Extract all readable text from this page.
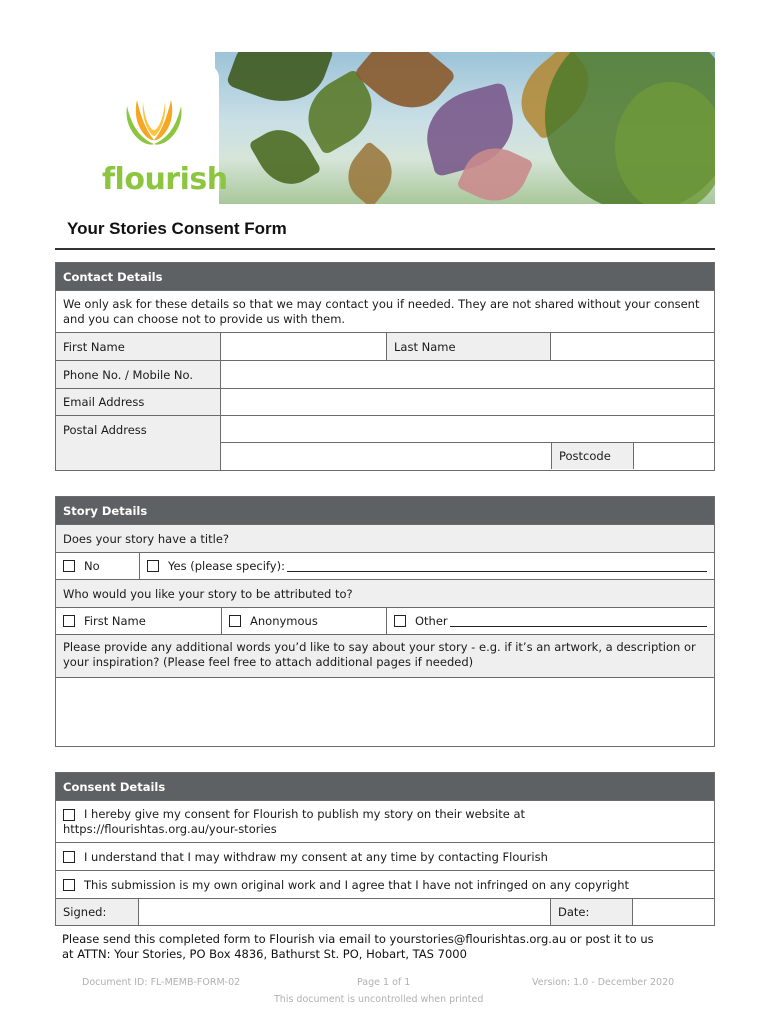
flourish
Your Stories Consent Form
Contact Details
We only ask for these details so that we may contact you if needed. They are not shared without your consent and you can choose not to provide us with them.
First Name	Last Name
Phone No. / Mobile No.
Email Address
Postal Address
Postcode
Story Details
Does your story have a title?
No	Yes (please specify):
Who would you like your story to be attributed to?
First Name	Anonymous	Other
Please provide any additional words you’d like to say about your story - e.g. if it’s an artwork, a description or your inspiration? (Please feel free to attach additional pages if needed)
Consent Details
I hereby give my consent for Flourish to publish my story on their website at
https://flourishtas.org.au/your-stories
I understand that I may withdraw my consent at any time by contacting Flourish
This submission is my own original work and I agree that I have not infringed on any copyright
Signed:	Date:
Please send this completed form to Flourish via email to yourstories@flourishtas.org.au or post it to us
at ATTN: Your Stories, PO Box 4836, Bathurst St. PO, Hobart, TAS 7000
Document ID: FL-MEMB-FORM-02	Page 1 of 1	Version: 1.0 - December 2020
This document is uncontrolled when printed
